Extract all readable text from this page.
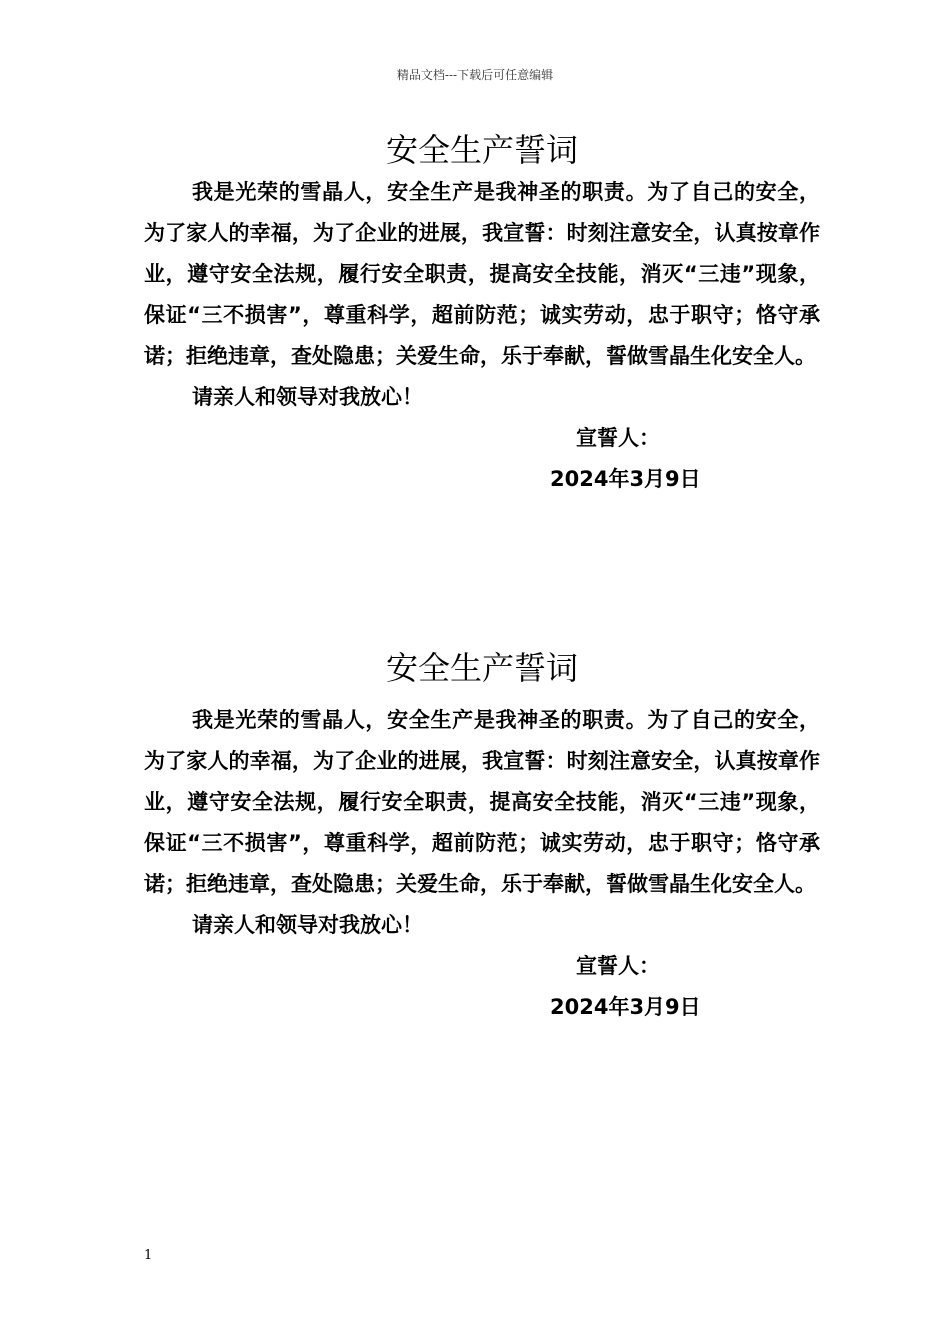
精品文档---下载后可任意编辑
安全生产誓词

我是光荣的雪晶人，安全生产是我神圣的职责。为了自己的安全，为了家人的幸福，为了企业的进展，我宣誓：时刻注意安全，认真按章作业，遵守安全法规，履行安全职责，提高安全技能，消灭“三违”现象，保证“三不损害”，尊重科学，超前防范；诚实劳动，忠于职守；恪守承诺；拒绝违章，查处隐患；关爱生命，乐于奉献，誓做雪晶生化安全人。

请亲人和领导对我放心！

宣誓人：

2024年3月9日

安全生产誓词

我是光荣的雪晶人，安全生产是我神圣的职责。为了自己的安全，为了家人的幸福，为了企业的进展，我宣誓：时刻注意安全，认真按章作业，遵守安全法规，履行安全职责，提高安全技能，消灭“三违”现象，保证“三不损害”，尊重科学，超前防范；诚实劳动，忠于职守；恪守承诺；拒绝违章，查处隐患；关爱生命，乐于奉献，誓做雪晶生化安全人。

请亲人和领导对我放心！

宣誓人：

2024年3月9日

1
